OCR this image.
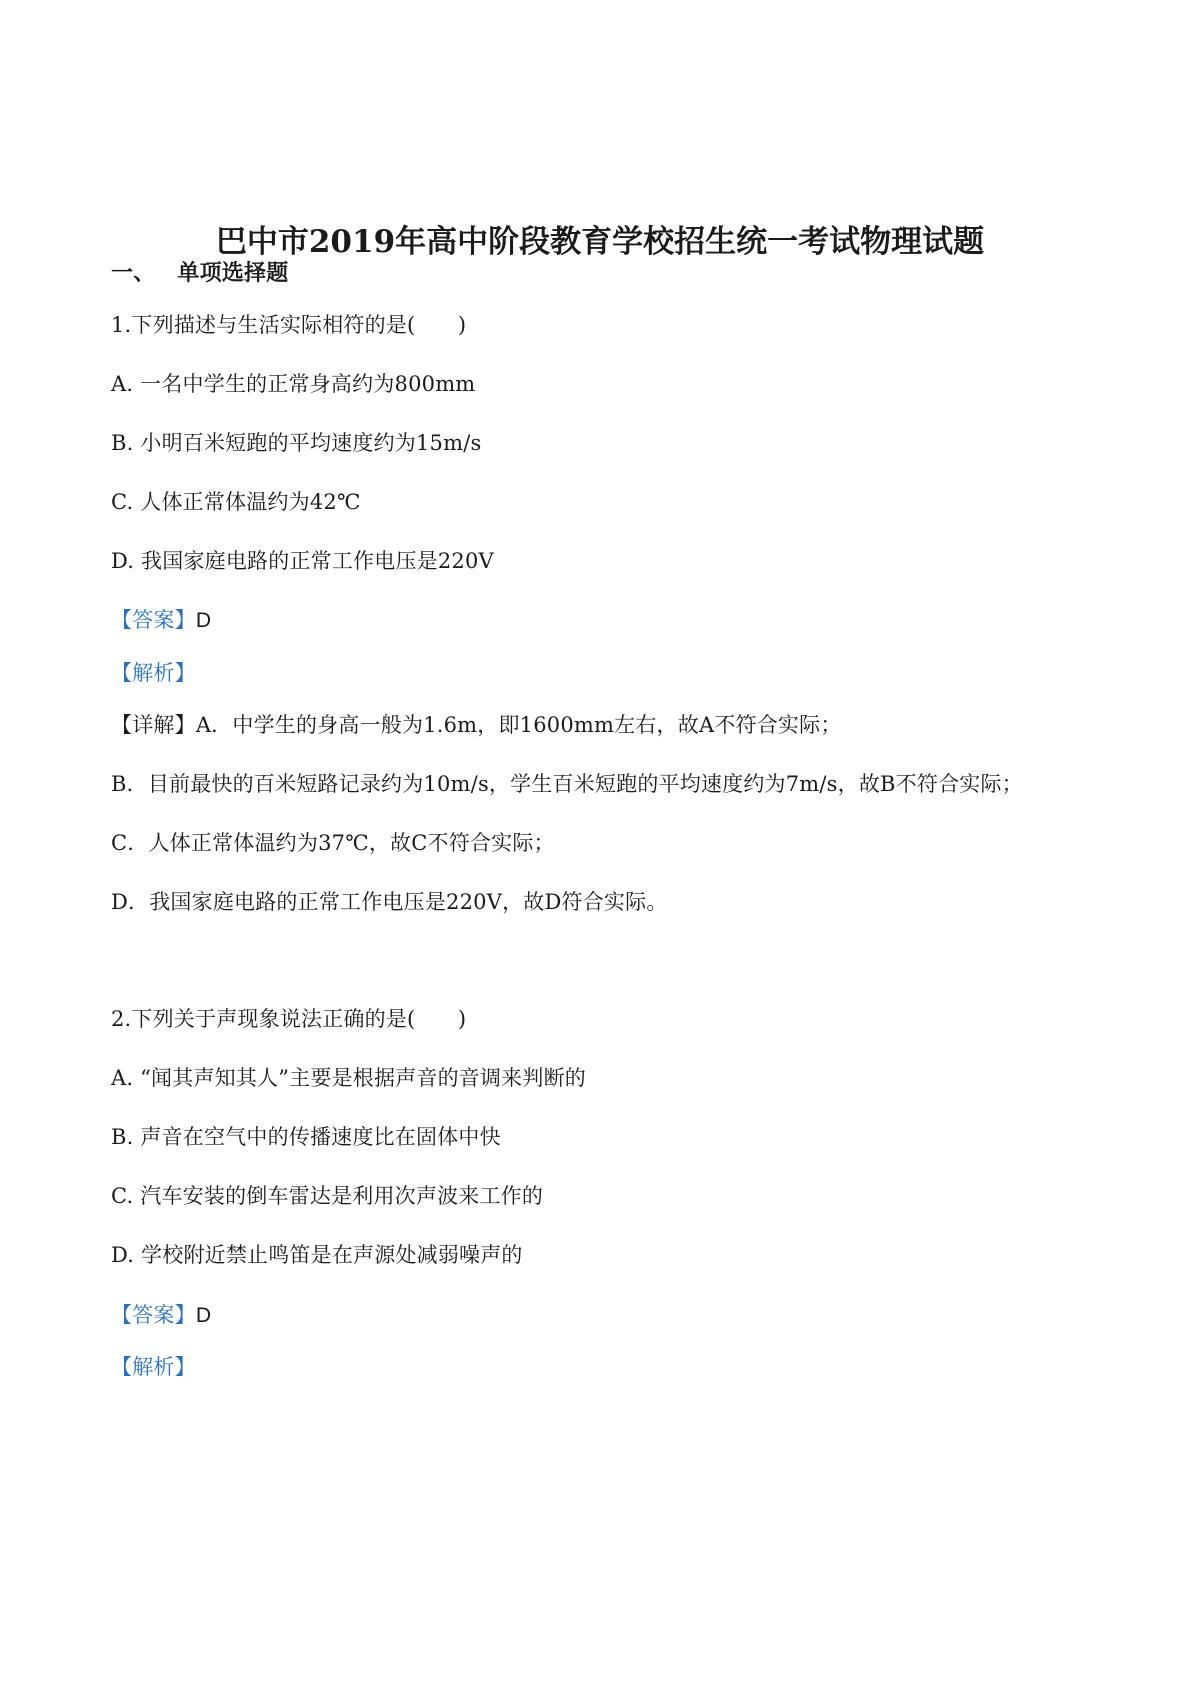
巴中市2019年高中阶段教育学校招生统一考试物理试题
一、 单项选择题
1.下列描述与生活实际相符的是(　　)
A. 一名中学生的正常身高约为800mm
B. 小明百米短跑的平均速度约为15m/s
C. 人体正常体温约为42℃
D. 我国家庭电路的正常工作电压是220V
【答案】D
【解析】
【详解】A．中学生的身高一般为1.6m，即1600mm左右，故A不符合实际；
B．目前最快的百米短路记录约为10m/s，学生百米短跑的平均速度约为7m/s，故B不符合实际；
C．人体正常体温约为37℃，故C不符合实际；
D．我国家庭电路的正常工作电压是220V，故D符合实际。
2.下列关于声现象说法正确的是(　　)
A. “闻其声知其人”主要是根据声音的音调来判断的
B. 声音在空气中的传播速度比在固体中快
C. 汽车安装的倒车雷达是利用次声波来工作的
D. 学校附近禁止鸣笛是在声源处减弱噪声的
【答案】D
【解析】
